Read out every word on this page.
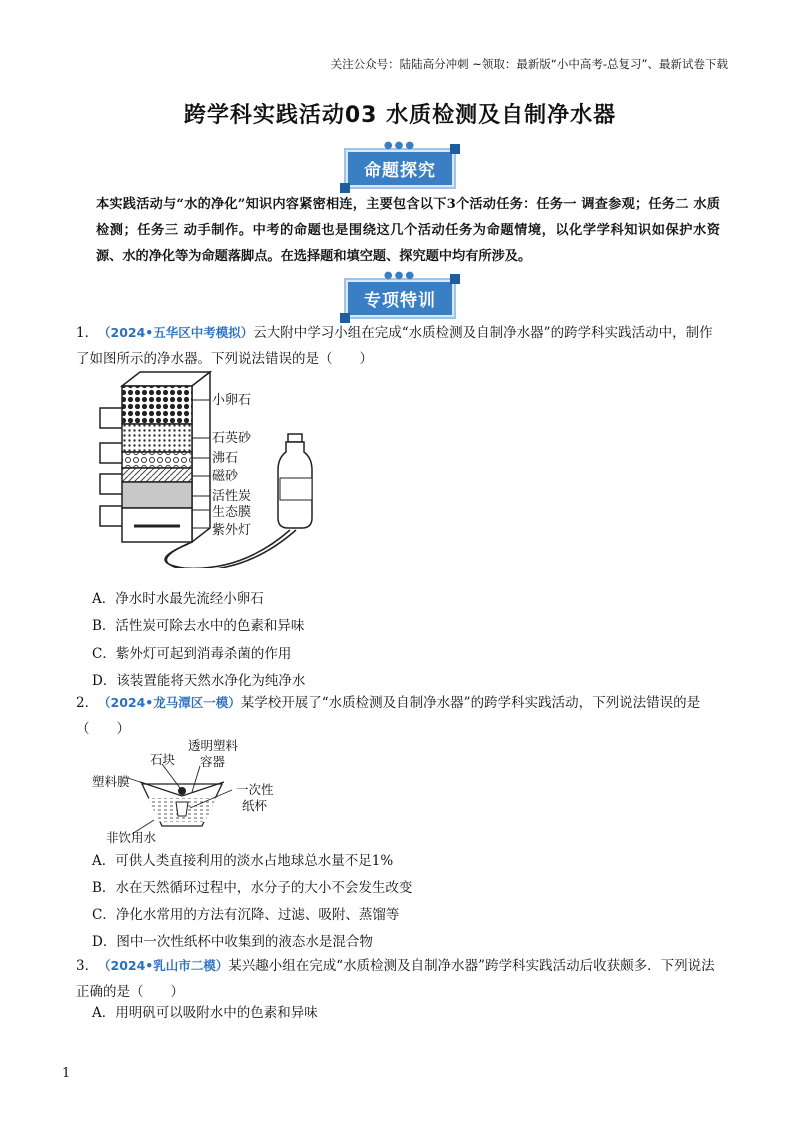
关注公众号：陆陆高分冲刺 ~领取：最新版“小中高考-总复习”、最新试卷下载
跨学科实践活动03 水质检测及自制净水器
●●●
命题探究
本实践活动与“水的净化”知识内容紧密相连，主要包含以下3个活动任务：任务一 调查参观；任务二 水质检测；任务三 动手制作。中考的命题也是围绕这几个活动任务为命题情境，以化学学科知识如保护水资源、水的净化等为命题落脚点。在选择题和填空题、探究题中均有所涉及。
●●●
专项特训
1．（2024•五华区中考模拟）云大附中学习小组在完成“水质检测及自制净水器”的跨学科实践活动中，制作了如图所示的净水器。下列说法错误的是（　　）
小卵石
石英砂
沸石
磁砂
活性炭
生态膜
紫外灯
A．净水时水最先流经小卵石
B．活性炭可除去水中的色素和异味
C．紫外灯可起到消毒杀菌的作用
D．该装置能将天然水净化为纯净水
2．（2024•龙马潭区一模）某学校开展了“水质检测及自制净水器”的跨学科实践活动，下列说法错误的是（　　）
透明塑料
容器
石块
塑料膜
一次性
纸杯
非饮用水
A．可供人类直接利用的淡水占地球总水量不足1%
B．水在天然循环过程中，水分子的大小不会发生改变
C．净化水常用的方法有沉降、过滤、吸附、蒸馏等
D．图中一次性纸杯中收集到的液态水是混合物
3．（2024•乳山市二模）某兴趣小组在完成“水质检测及自制净水器”跨学科实践活动后收获颇多．下列说法正确的是（　　）
A．用明矾可以吸附水中的色素和异味
1
